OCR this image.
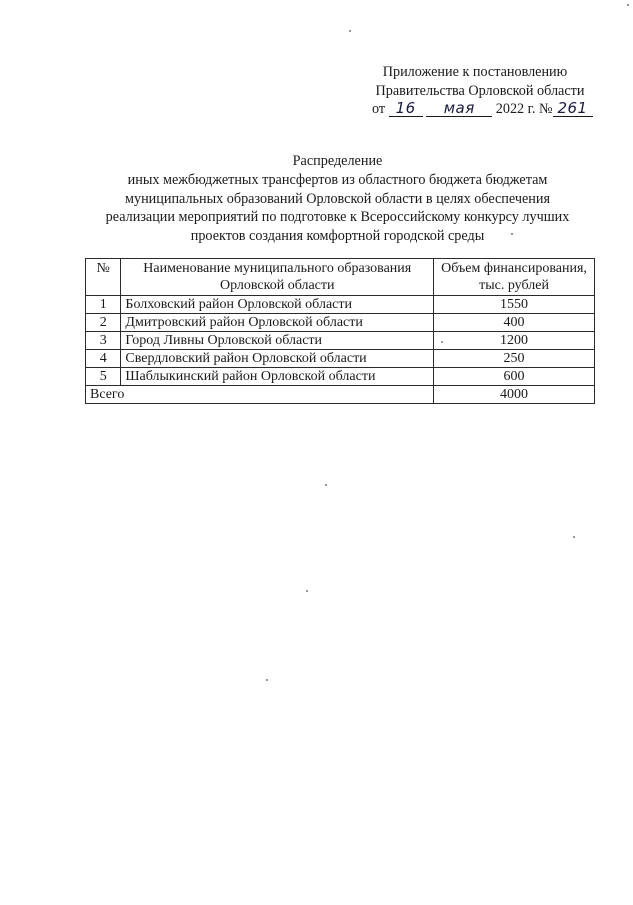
Приложение к постановлению
Правительства Орловской области
от 16 мая 2022 г. № 261
Распределение
иных межбюджетных трансфертов из областного бюджета бюджетам
муниципальных образований Орловской области в целях обеспечения
реализации мероприятий по подготовке к Всероссийскому конкурсу лучших
проектов создания комфортной городской среды
№	Наименование муниципального образования Орловской области	Объем финансирования, тыс. рублей
1	Болховский район Орловской области	1550
2	Дмитровский район Орловской области	400
3	Город Ливны Орловской области	1200
4	Свердловский район Орловской области	250
5	Шаблыкинский район Орловской области	600
Всего		4000
